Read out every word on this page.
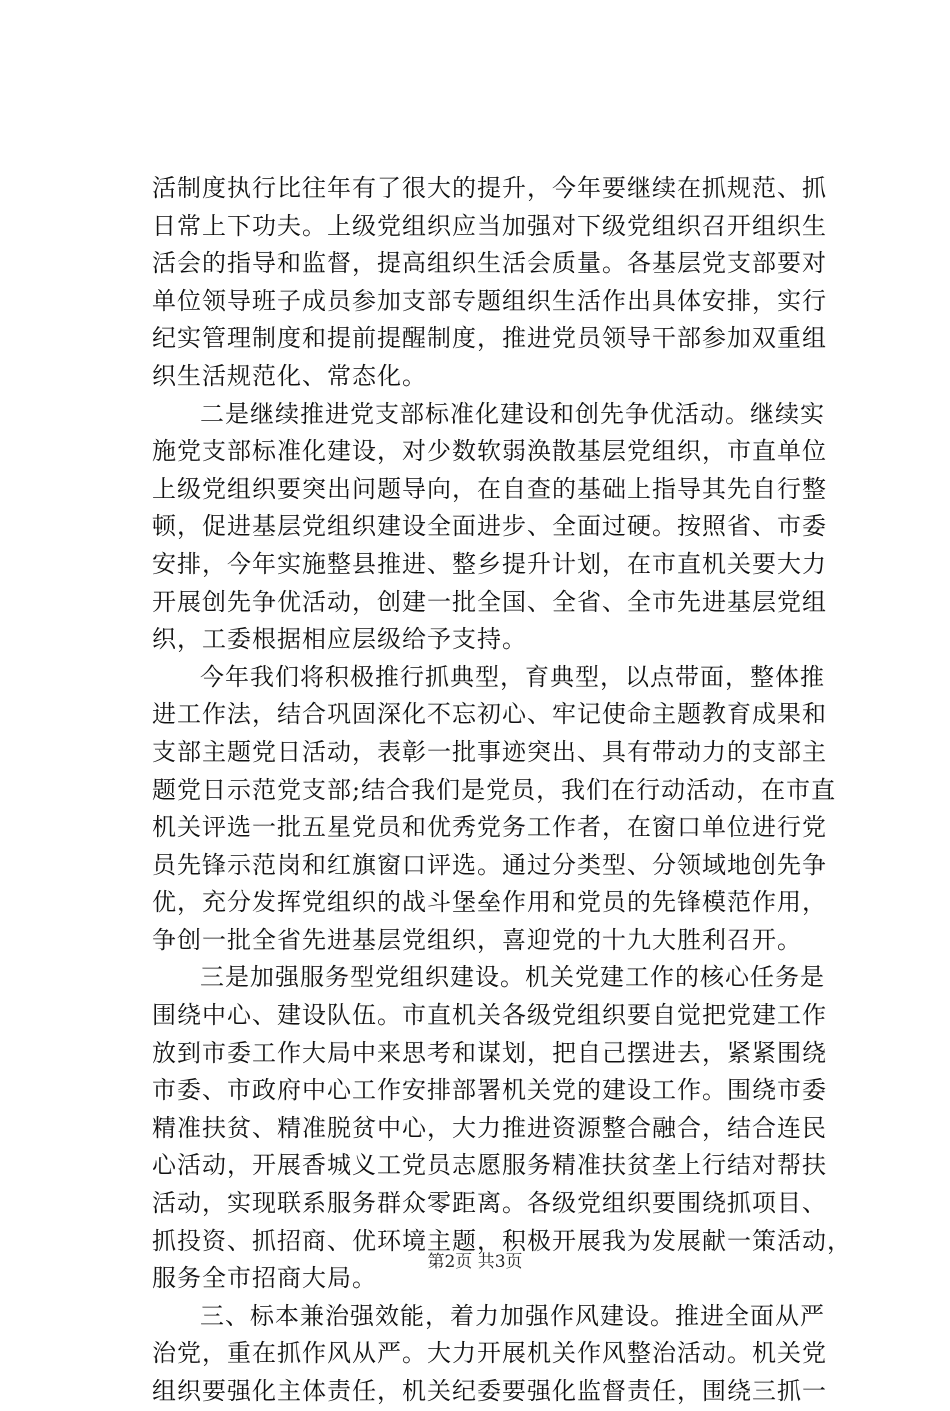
活制度执行比往年有了很大的提升，今年要继续在抓规范、抓
日常上下功夫。上级党组织应当加强对下级党组织召开组织生
活会的指导和监督，提高组织生活会质量。各基层党支部要对
单位领导班子成员参加支部专题组织生活作出具体安排，实行
纪实管理制度和提前提醒制度，推进党员领导干部参加双重组
织生活规范化、常态化。
二是继续推进党支部标准化建设和创先争优活动。继续实
施党支部标准化建设，对少数软弱涣散基层党组织，市直单位
上级党组织要突出问题导向，在自查的基础上指导其先自行整
顿，促进基层党组织建设全面进步、全面过硬。按照省、市委
安排，今年实施整县推进、整乡提升计划，在市直机关要大力
开展创先争优活动，创建一批全国、全省、全市先进基层党组
织，工委根据相应层级给予支持。
今年我们将积极推行抓典型，育典型，以点带面，整体推
进工作法，结合巩固深化不忘初心、牢记使命主题教育成果和
支部主题党日活动，表彰一批事迹突出、具有带动力的支部主
题党日示范党支部;结合我们是党员，我们在行动活动，在市直
机关评选一批五星党员和优秀党务工作者，在窗口单位进行党
员先锋示范岗和红旗窗口评选。通过分类型、分领域地创先争
优，充分发挥党组织的战斗堡垒作用和党员的先锋模范作用，
争创一批全省先进基层党组织，喜迎党的十九大胜利召开。
三是加强服务型党组织建设。机关党建工作的核心任务是
围绕中心、建设队伍。市直机关各级党组织要自觉把党建工作
放到市委工作大局中来思考和谋划，把自己摆进去，紧紧围绕
市委、市政府中心工作安排部署机关党的建设工作。围绕市委
精准扶贫、精准脱贫中心，大力推进资源整合融合，结合连民
心活动，开展香城义工党员志愿服务精准扶贫垄上行结对帮扶
活动，实现联系服务群众零距离。各级党组织要围绕抓项目、
抓投资、抓招商、优环境主题，积极开展我为发展献一策活动，
服务全市招商大局。
三、标本兼治强效能，着力加强作风建设。推进全面从严
治党，重在抓作风从严。大力开展机关作风整治活动。机关党
组织要强化主体责任，机关纪委要强化监督责任，围绕三抓一
第2页 共3页
